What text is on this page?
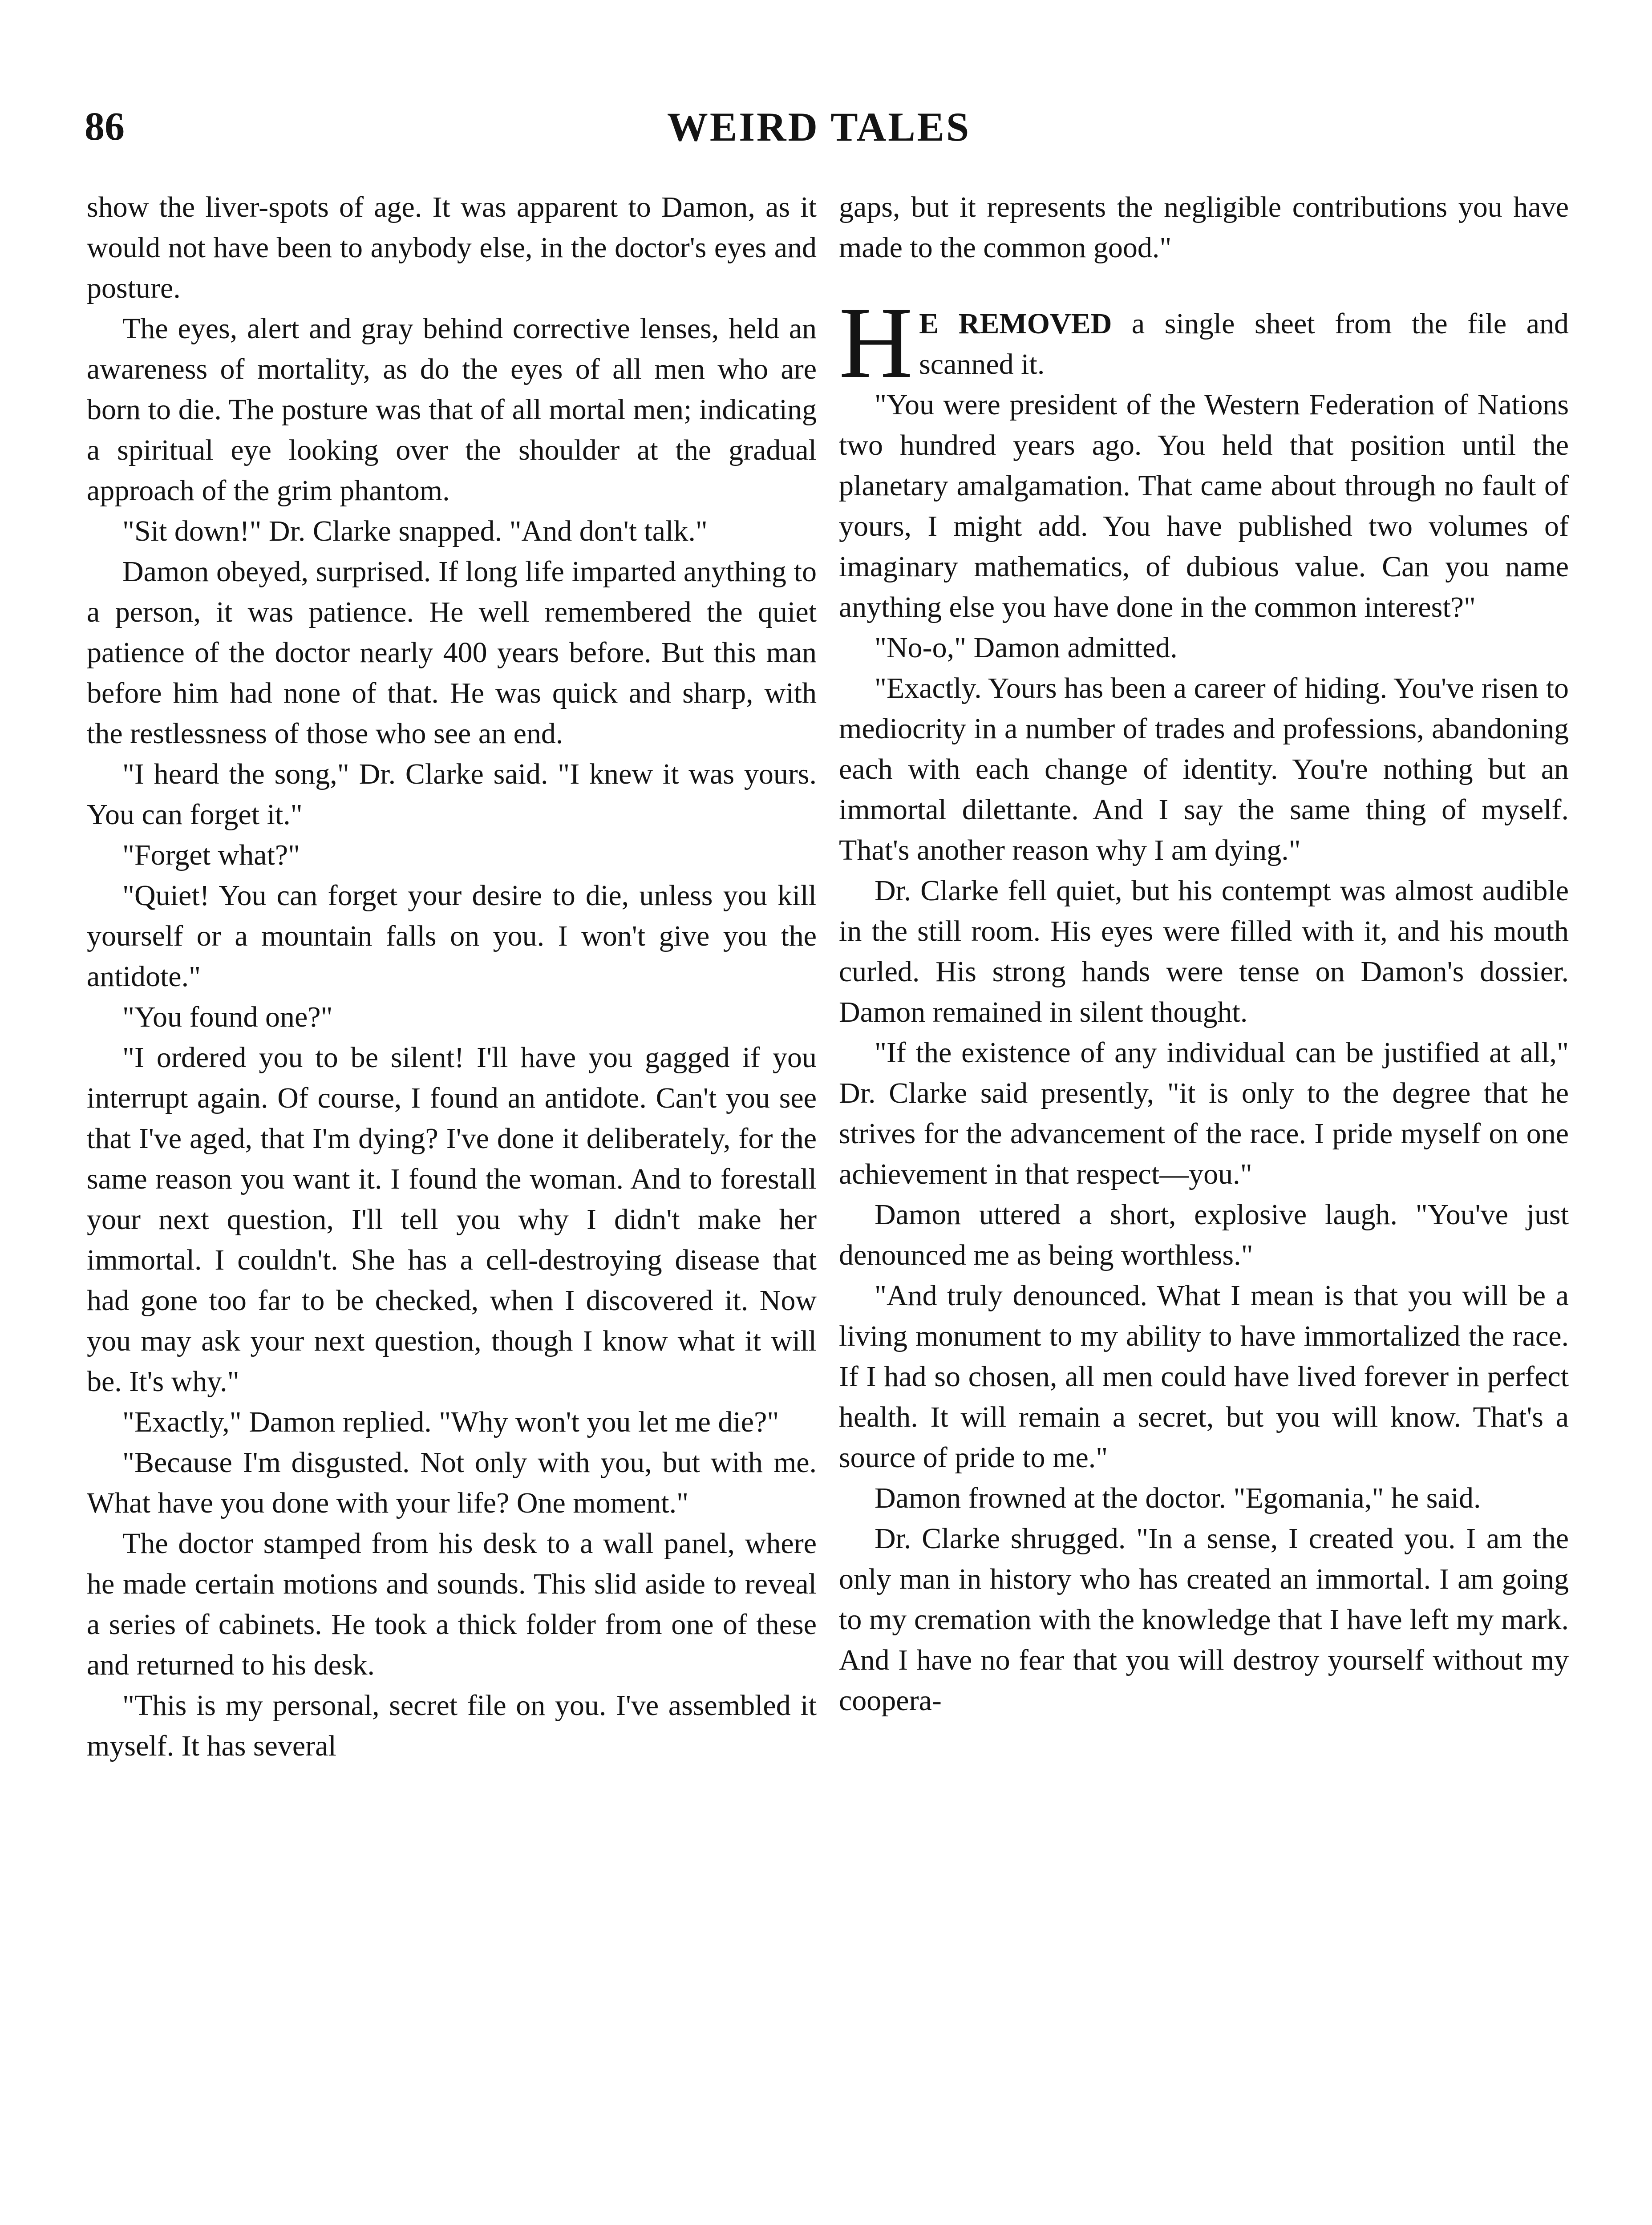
86	WEIRD TALES

show the liver-spots of age. It was apparent to Damon, as it would not have been to anybody else, in the doctor's eyes and posture.

The eyes, alert and gray behind corrective lenses, held an awareness of mortality, as do the eyes of all men who are born to die. The posture was that of all mortal men; indicating a spiritual eye looking over the shoulder at the gradual approach of the grim phantom.

"Sit down!" Dr. Clarke snapped. "And don't talk."

Damon obeyed, surprised. If long life imparted anything to a person, it was patience. He well remembered the quiet patience of the doctor nearly 400 years before. But this man before him had none of that. He was quick and sharp, with the restlessness of those who see an end.

"I heard the song," Dr. Clarke said. "I knew it was yours. You can forget it."

"Forget what?"

"Quiet! You can forget your desire to die, unless you kill yourself or a mountain falls on you. I won't give you the antidote."

"You found one?"

"I ordered you to be silent! I'll have you gagged if you interrupt again. Of course, I found an antidote. Can't you see that I've aged, that I'm dying? I've done it deliberately, for the same reason you want it. I found the woman. And to forestall your next question, I'll tell you why I didn't make her immortal. I couldn't. She has a cell-destroying disease that had gone too far to be checked, when I discovered it. Now you may ask your next question, though I know what it will be. It's why."

"Exactly," Damon replied. "Why won't you let me die?"

"Because I'm disgusted. Not only with you, but with me. What have you done with your life? One moment."

The doctor stamped from his desk to a wall panel, where he made certain motions and sounds. This slid aside to reveal a series of cabinets. He took a thick folder from one of these and returned to his desk.

"This is my personal, secret file on you. I've assembled it myself. It has several

gaps, but it represents the negligible contributions you have made to the common good."

H E REMOVED a single sheet from the file and scanned it.

"You were president of the Western Federation of Nations two hundred years ago. You held that position until the planetary amalgamation. That came about through no fault of yours, I might add. You have published two volumes of imaginary mathematics, of dubious value. Can you name anything else you have done in the common interest?"

"No-o," Damon admitted.

"Exactly. Yours has been a career of hiding. You've risen to mediocrity in a number of trades and professions, abandoning each with each change of identity. You're nothing but an immortal dilettante. And I say the same thing of myself. That's another reason why I am dying."

Dr. Clarke fell quiet, but his contempt was almost audible in the still room. His eyes were filled with it, and his mouth curled. His strong hands were tense on Damon's dossier. Damon remained in silent thought.

"If the existence of any individual can be justified at all," Dr. Clarke said presently, "it is only to the degree that he strives for the advancement of the race. I pride myself on one achievement in that respect—you."

Damon uttered a short, explosive laugh. "You've just denounced me as being worthless."

"And truly denounced. What I mean is that you will be a living monument to my ability to have immortalized the race. If I had so chosen, all men could have lived forever in perfect health. It will remain a secret, but you will know. That's a source of pride to me."

Damon frowned at the doctor. "Egomania," he said.

Dr. Clarke shrugged. "In a sense, I created you. I am the only man in history who has created an immortal. I am going to my cremation with the knowledge that I have left my mark. And I have no fear that you will destroy yourself without my coopera-
